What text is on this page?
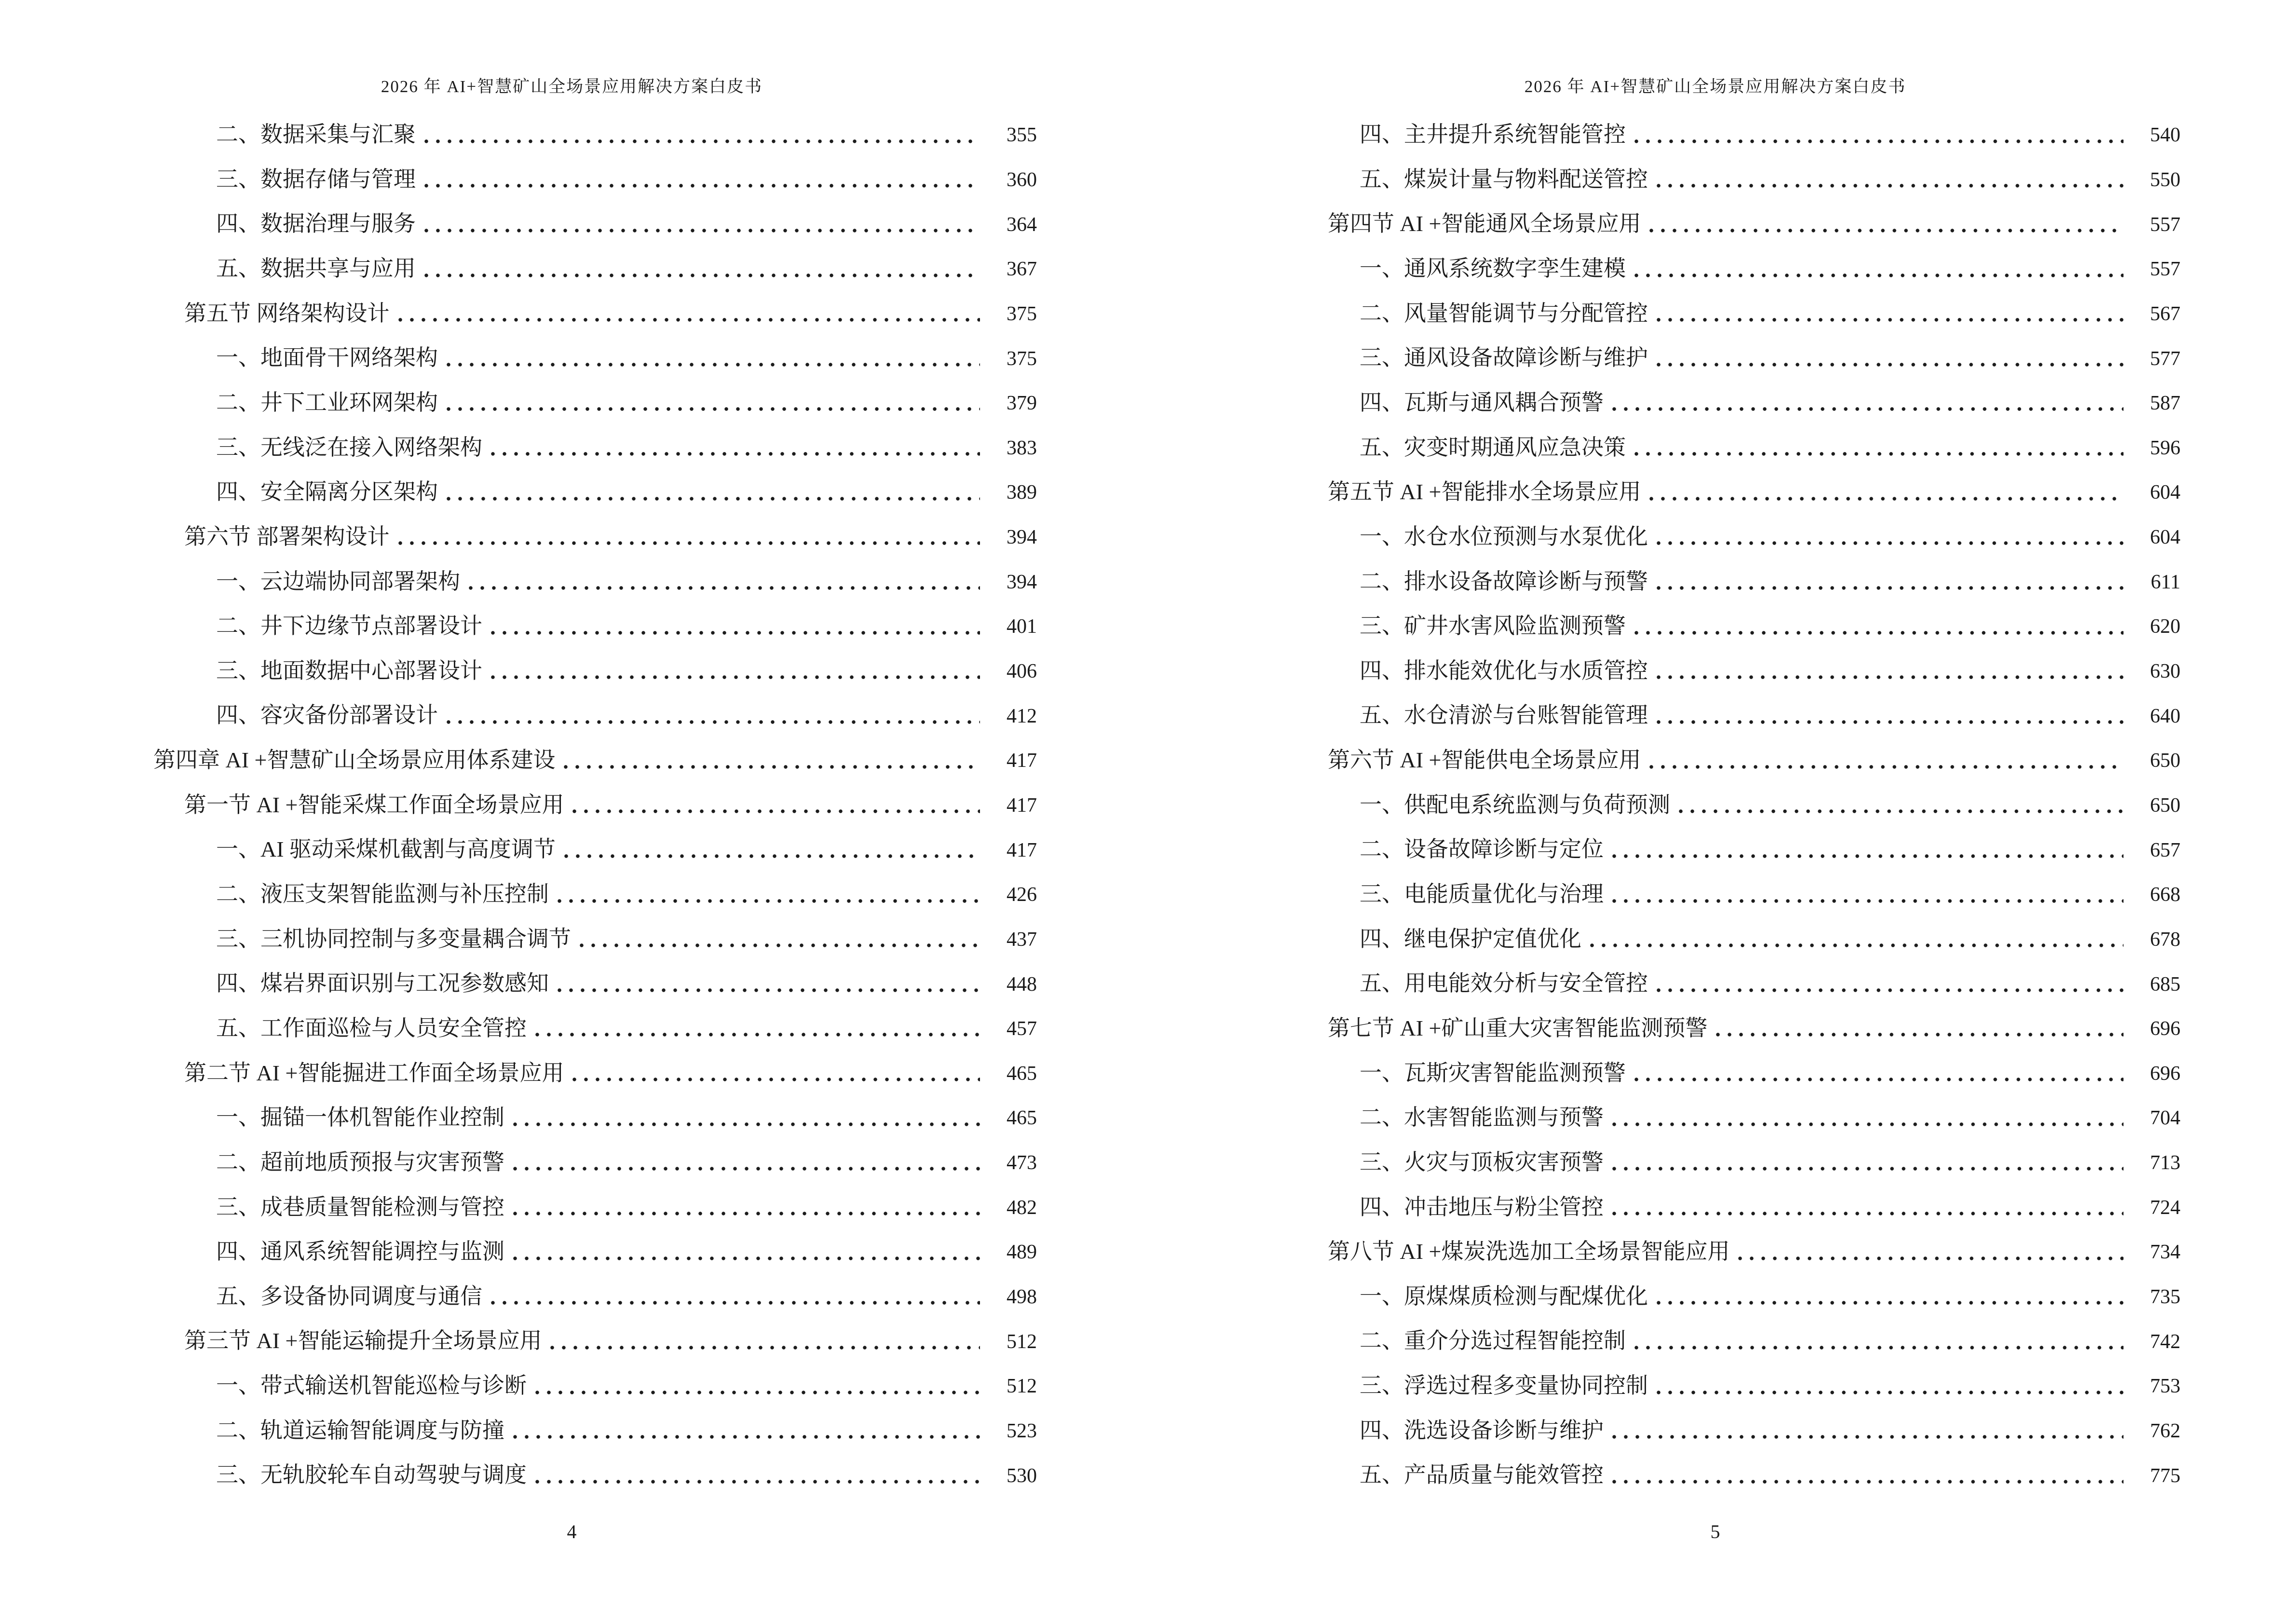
2026 年 AI+智慧矿山全场景应用解决方案白皮书
二、数据采集与汇聚	355
三、数据存储与管理	360
四、数据治理与服务	364
五、数据共享与应用	367
第五节 网络架构设计	375
一、地面骨干网络架构	375
二、井下工业环网架构	379
三、无线泛在接入网络架构	383
四、安全隔离分区架构	389
第六节 部署架构设计	394
一、云边端协同部署架构	394
二、井下边缘节点部署设计	401
三、地面数据中心部署设计	406
四、容灾备份部署设计	412
第四章 AI +智慧矿山全场景应用体系建设	417
第一节 AI +智能采煤工作面全场景应用	417
一、AI 驱动采煤机截割与高度调节	417
二、液压支架智能监测与补压控制	426
三、三机协同控制与多变量耦合调节	437
四、煤岩界面识别与工况参数感知	448
五、工作面巡检与人员安全管控	457
第二节 AI +智能掘进工作面全场景应用	465
一、掘锚一体机智能作业控制	465
二、超前地质预报与灾害预警	473
三、成巷质量智能检测与管控	482
四、通风系统智能调控与监测	489
五、多设备协同调度与通信	498
第三节 AI +智能运输提升全场景应用	512
一、带式输送机智能巡检与诊断	512
二、轨道运输智能调度与防撞	523
三、无轨胶轮车自动驾驶与调度	530
4
2026 年 AI+智慧矿山全场景应用解决方案白皮书
四、主井提升系统智能管控	540
五、煤炭计量与物料配送管控	550
第四节 AI +智能通风全场景应用	557
一、通风系统数字孪生建模	557
二、风量智能调节与分配管控	567
三、通风设备故障诊断与维护	577
四、瓦斯与通风耦合预警	587
五、灾变时期通风应急决策	596
第五节 AI +智能排水全场景应用	604
一、水仓水位预测与水泵优化	604
二、排水设备故障诊断与预警	611
三、矿井水害风险监测预警	620
四、排水能效优化与水质管控	630
五、水仓清淤与台账智能管理	640
第六节 AI +智能供电全场景应用	650
一、供配电系统监测与负荷预测	650
二、设备故障诊断与定位	657
三、电能质量优化与治理	668
四、继电保护定值优化	678
五、用电能效分析与安全管控	685
第七节 AI +矿山重大灾害智能监测预警	696
一、瓦斯灾害智能监测预警	696
二、水害智能监测与预警	704
三、火灾与顶板灾害预警	713
四、冲击地压与粉尘管控	724
第八节 AI +煤炭洗选加工全场景智能应用	734
一、原煤煤质检测与配煤优化	735
二、重介分选过程智能控制	742
三、浮选过程多变量协同控制	753
四、洗选设备诊断与维护	762
五、产品质量与能效管控	775
5
